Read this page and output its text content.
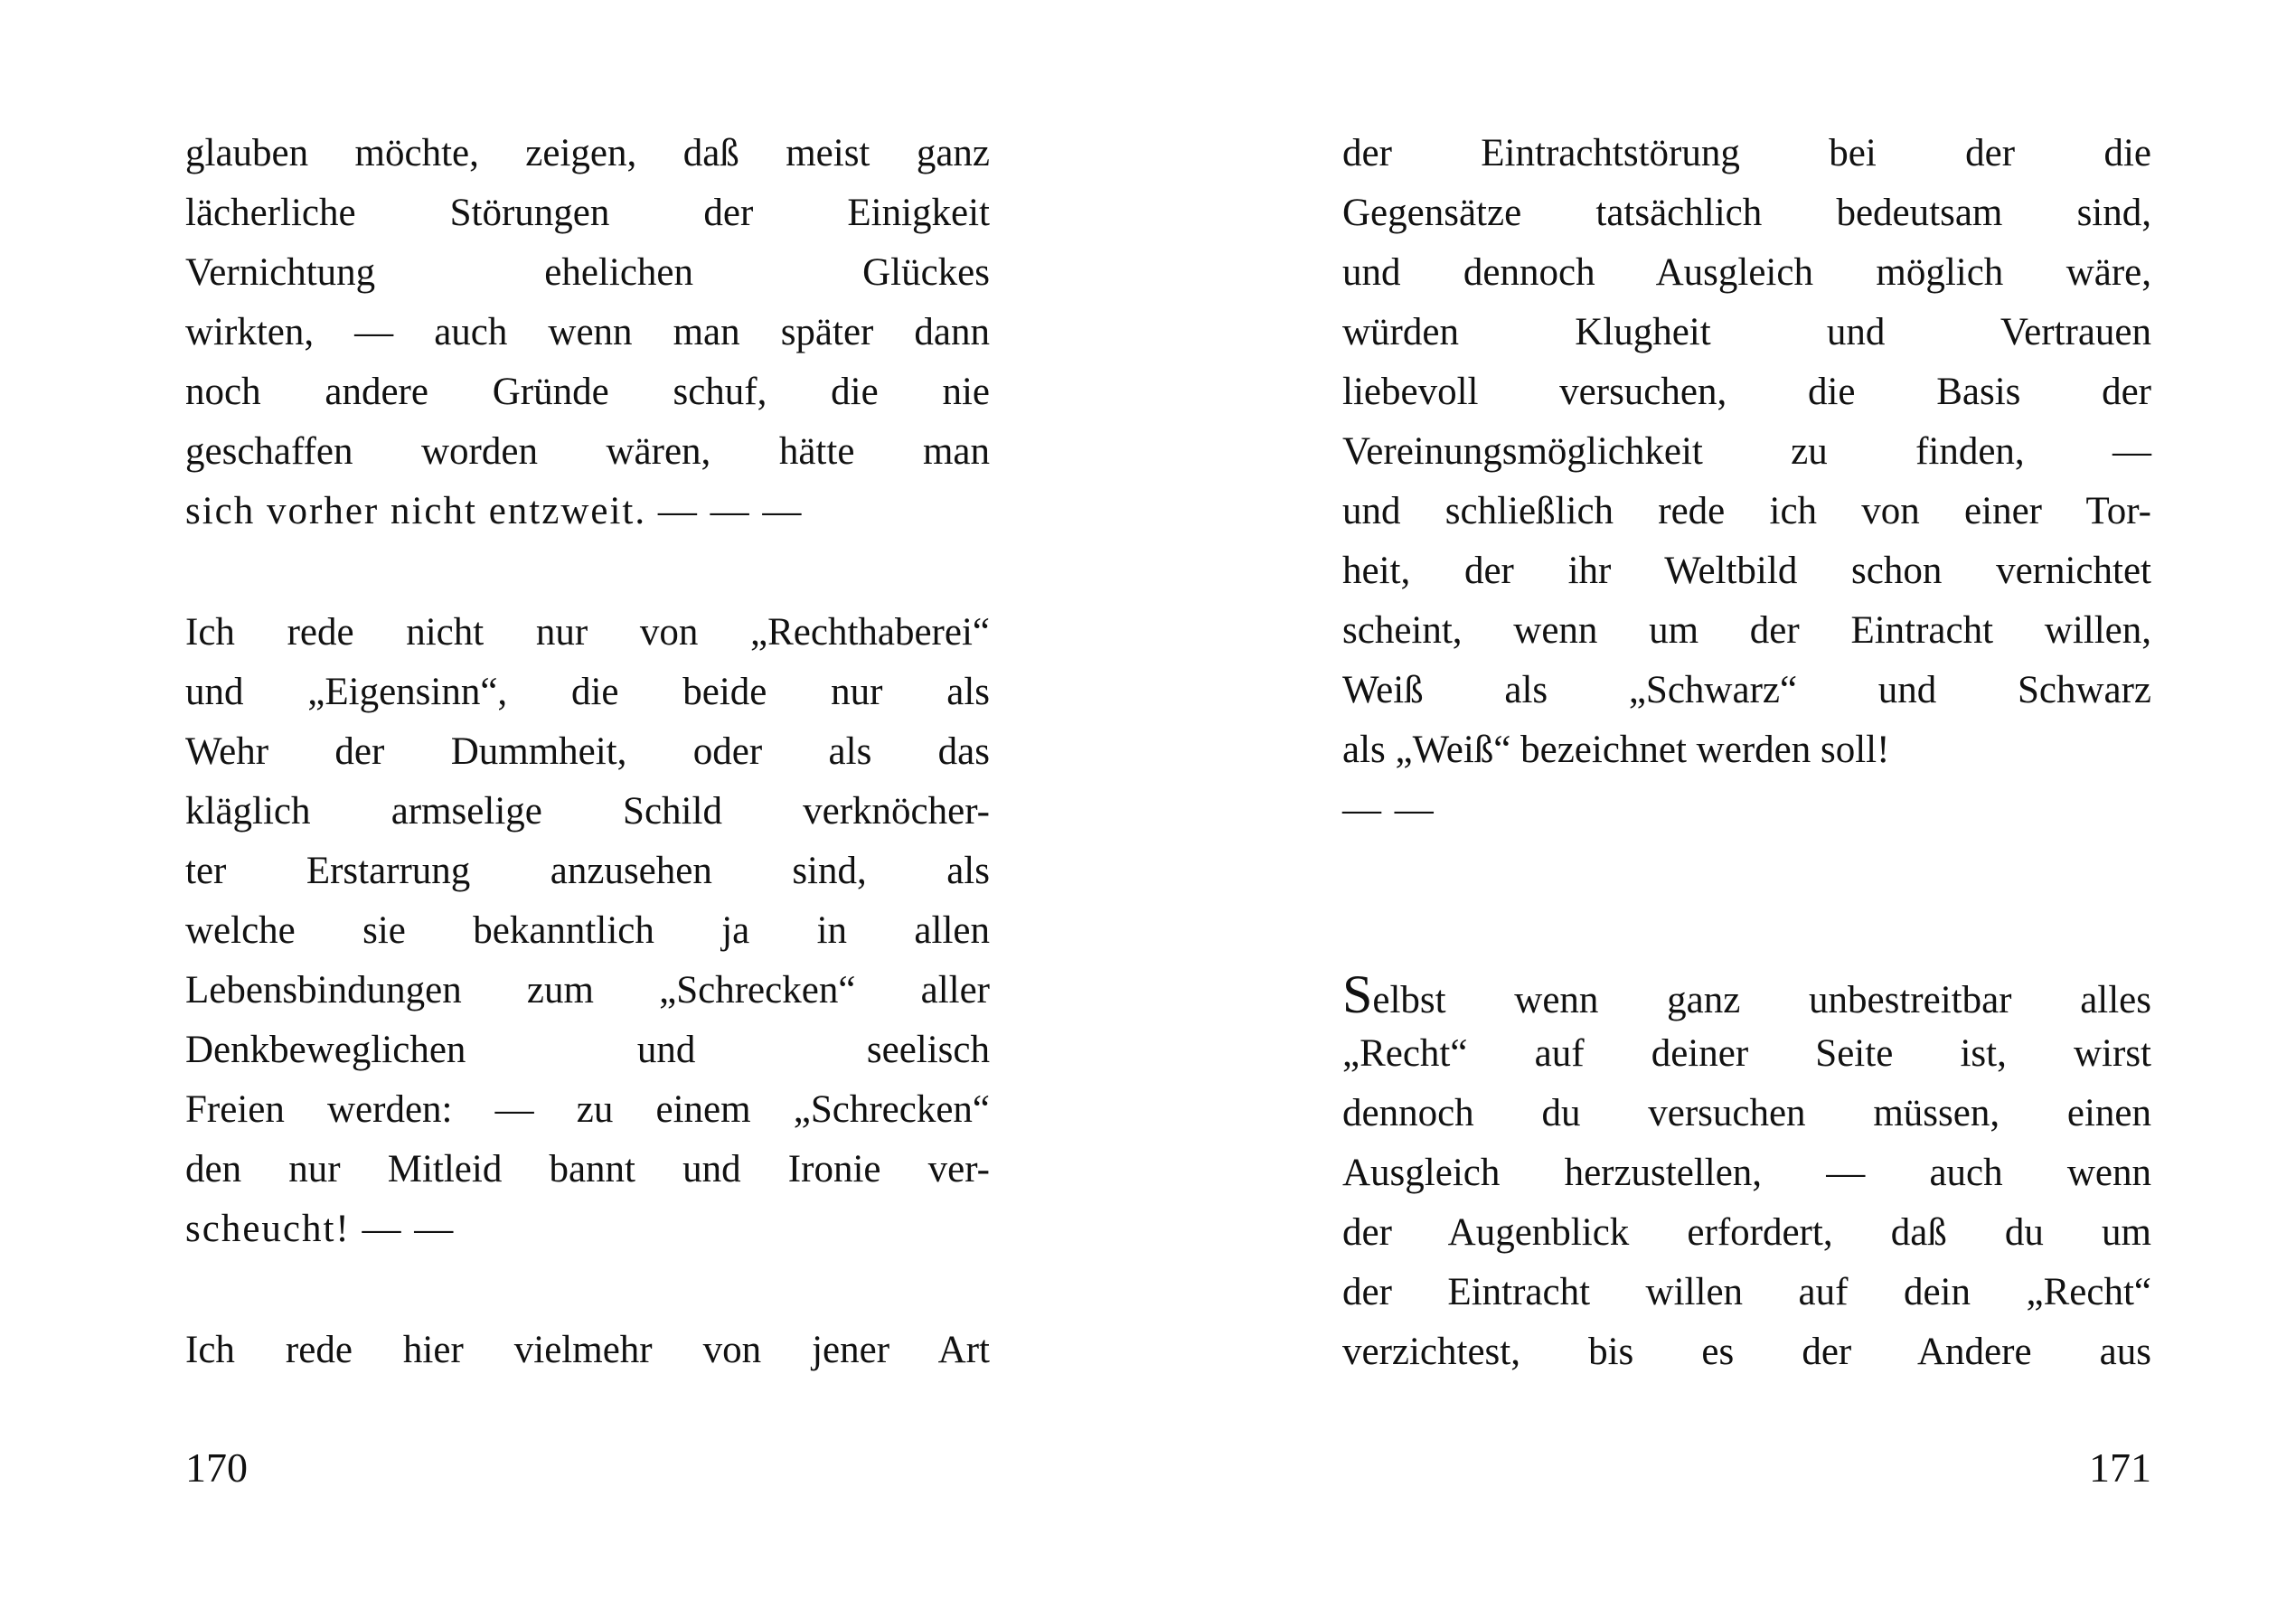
glauben möchte, zeigen, daß meist ganz
lächerliche Störungen der Einigkeit
Vernichtung ehelichen Glückes
wirkten, — auch wenn man später dann
noch andere Gründe schuf, die nie
geschaffen worden wären, hätte man
sich vorher nicht entzweit. — — —
Ich rede nicht nur von „Rechthaberei“
und „Eigensinn“, die beide nur als
Wehr der Dummheit, oder als das
kläglich armselige Schild verknöcher-
ter Erstarrung anzusehen sind, als
welche sie bekanntlich ja in allen
Lebensbindungen zum „Schrecken“ aller
Denkbeweglichen und seelisch
Freien werden: — zu einem „Schrecken“
den nur Mitleid bannt und Ironie ver-
scheucht! — —
Ich rede hier vielmehr von jener Art
170
der Eintrachtstörung bei der die
Gegensätze tatsächlich bedeutsam sind,
und dennoch Ausgleich möglich wäre,
würden Klugheit und Vertrauen
liebevoll versuchen, die Basis der
Vereinungsmöglichkeit zu finden, —
und schließlich rede ich von einer Tor-
heit, der ihr Weltbild schon vernichtet
scheint, wenn um der Eintracht willen,
Weiß als „Schwarz“ und Schwarz
als „Weiß“ bezeichnet werden soll!
— —
Selbst wenn ganz unbestreitbar alles
„Recht“ auf deiner Seite ist, wirst
dennoch du versuchen müssen, einen
Ausgleich herzustellen, — auch wenn
der Augenblick erfordert, daß du um
der Eintracht willen auf dein „Recht“
verzichtest, bis es der Andere aus
171
